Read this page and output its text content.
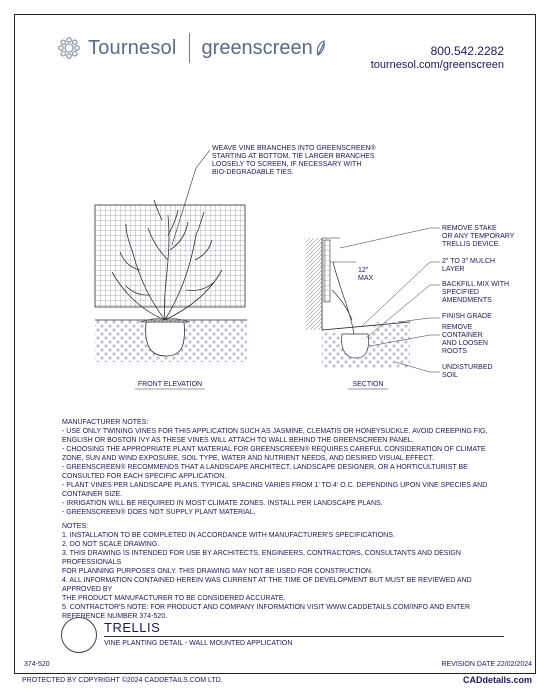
Tournesol greenscreen	800.542.2282
tournesol.com/greenscreen
WEAVE VINE BRANCHES INTO GREENSCREEN®
STARTING AT BOTTOM. TIE LARGER BRANCHES
LOOSELY TO SCREEN, IF NECESSARY WITH
BIO-DEGRADABLE TIES.
FRONT ELEVATION
12"
MAX
REMOVE STAKE
OR ANY TEMPORARY
TRELLIS DEVICE.
2" TO 3" MULCH
LAYER
BACKFILL MIX WITH
SPECIFIED
AMENDMENTS
FINISH GRADE
REMOVE
CONTAINER
AND LOOSEN
ROOTS
UNDISTURBED
SOIL
SECTION
MANUFACTURER NOTES:
- USE ONLY TWINING VINES FOR THIS APPLICATION SUCH AS JASMINE, CLEMATIS OR HONEYSUCKLE. AVOID CREEPING FIG,
ENGLISH OR BOSTON IVY AS THESE VINES WILL ATTACH TO WALL BEHIND THE GREENSCREEN PANEL.
- CHOOSING THE APPROPRIATE PLANT MATERIAL FOR GREENSCREEN® REQUIRES CAREFUL CONSIDERATION OF CLIMATE
ZONE, SUN AND WIND EXPOSURE, SOIL TYPE, WATER AND NUTRIENT NEEDS, AND DESIRED VISUAL EFFECT.
- GREENSCREEN® RECOMMENDS THAT A LANDSCAPE ARCHITECT, LANDSCAPE DESIGNER, OR A HORTICULTURIST BE
CONSULTED FOR EACH SPECIFIC APPLICATION.
- PLANT VINES PER LANDSCAPE PLANS. TYPICAL SPACING VARIES FROM 1' TO 4' O.C. DEPENDING UPON VINE SPECIES AND
CONTAINER SIZE.
- IRRIGATION WILL BE REQUIRED IN MOST CLIMATE ZONES. INSTALL PER LANDSCAPE PLANS.
- GREENSCREEN® DOES NOT SUPPLY PLANT MATERIAL.
NOTES:
1. INSTALLATION TO BE COMPLETED IN ACCORDANCE WITH MANUFACTURER'S SPECIFICATIONS.
2. DO NOT SCALE DRAWING.
3. THIS DRAWING IS INTENDED FOR USE BY ARCHITECTS, ENGINEERS, CONTRACTORS, CONSULTANTS AND DESIGN PROFESSIONALS
FOR PLANNING PURPOSES ONLY. THIS DRAWING MAY NOT BE USED FOR CONSTRUCTION.
4. ALL INFORMATION CONTAINED HEREIN WAS CURRENT AT THE TIME OF DEVELOPMENT BUT MUST BE REVIEWED AND APPROVED BY
THE PRODUCT MANUFACTURER TO BE CONSIDERED ACCURATE.
5. CONTRACTOR'S NOTE: FOR PRODUCT AND COMPANY INFORMATION VISIT WWW.CADDETAILS.COM/INFO AND ENTER
REFERENCE NUMBER 374-520.
TRELLIS
VINE PLANTING DETAIL - WALL MOUNTED APPLICATION
374-520	REVISION DATE 22/02/2024
PROTECTED BY COPYRIGHT ©2024 CADDETAILS.COM LTD.	CADdetails.com
